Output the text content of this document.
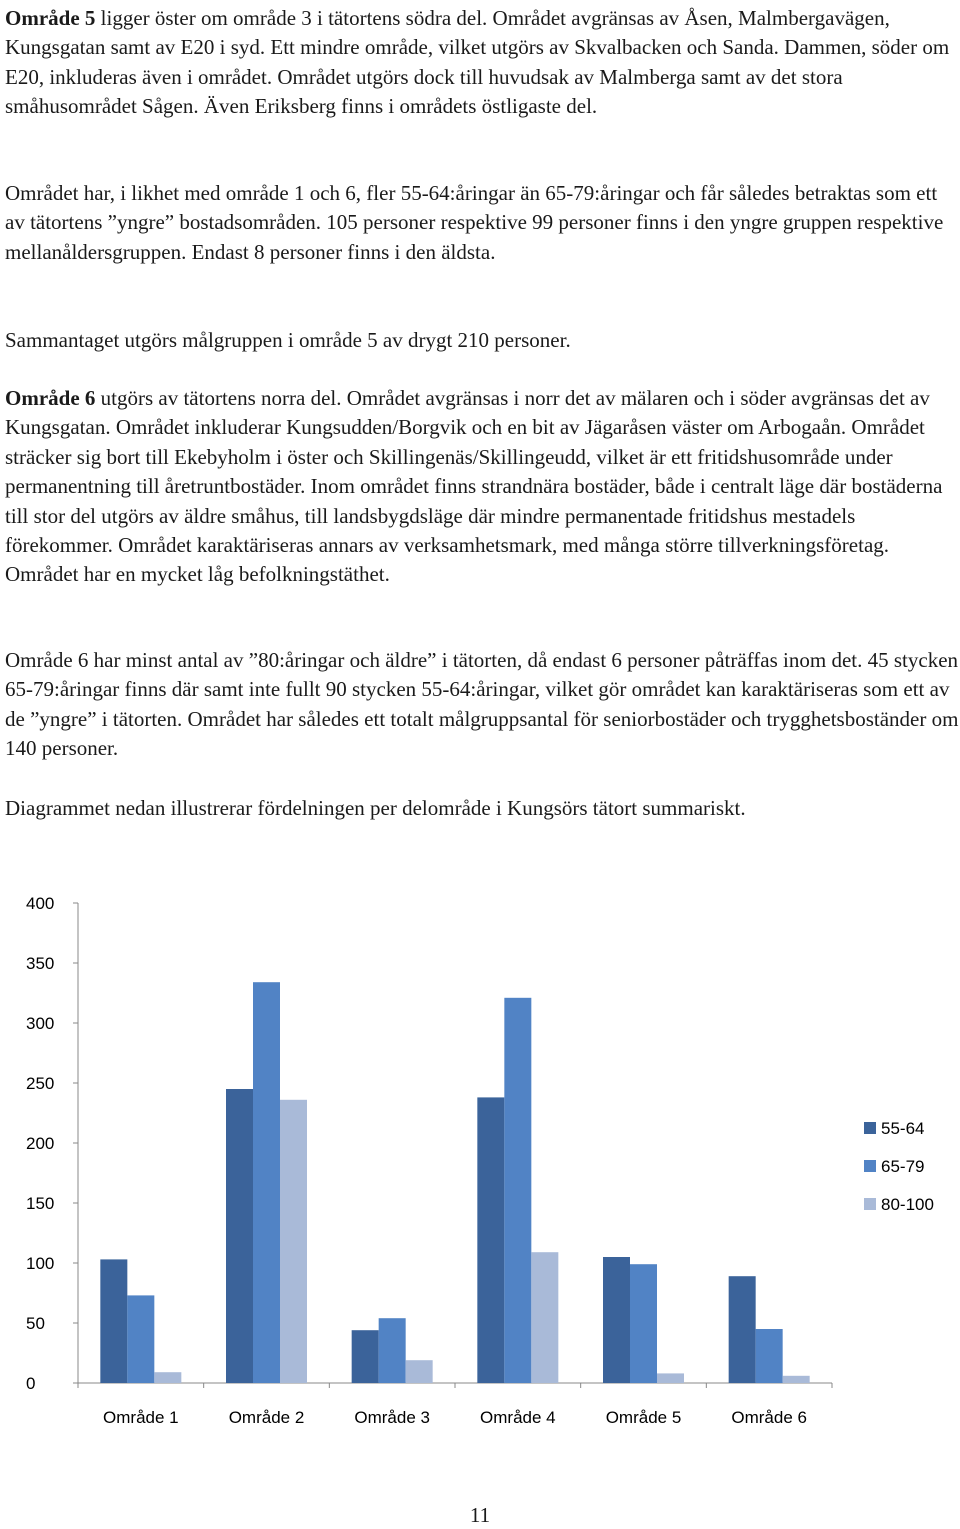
Område 5 ligger öster om område 3 i tätortens södra del. Området avgränsas av Åsen, Malmbergavägen, Kungsgatan samt av E20 i syd. Ett mindre område, vilket utgörs av Skvalbacken och Sanda. Dammen, söder om E20, inkluderas även i området. Området utgörs dock till huvudsak av Malmberga samt av det stora småhusområdet Sågen. Även Eriksberg finns i områdets östligaste del.

Området har, i likhet med område 1 och 6, fler 55-64:åringar än 65-79:åringar och får således betraktas som ett av tätortens ”yngre” bostadsområden. 105 personer respektive 99 personer finns i den yngre gruppen respektive mellanåldersgruppen. Endast 8 personer finns i den äldsta.

Sammantaget utgörs målgruppen i område 5 av drygt 210 personer.

Område 6 utgörs av tätortens norra del. Området avgränsas i norr det av mälaren och i söder avgränsas det av Kungsgatan. Området inkluderar Kungsudden/Borgvik och en bit av Jägaråsen väster om Arbogaån. Området sträcker sig bort till Ekebyholm i öster och Skillingenäs/Skillingeudd, vilket är ett fritidshusområde under permanentning till åretruntbostäder. Inom området finns strandnära bostäder, både i centralt läge där bostäderna till stor del utgörs av äldre småhus, till landsbygdsläge där mindre permanentade fritidshus mestadels förekommer. Området karaktäriseras annars av verksamhetsmark, med många större tillverkningsföretag. Området har en mycket låg befolkningstäthet.

Område 6 har minst antal av ”80:åringar och äldre” i tätorten, då endast 6 personer påträffas inom det. 45 stycken 65-79:åringar finns där samt inte fullt 90 stycken 55-64:åringar, vilket gör området kan karaktäriseras som ett av de ”yngre” i tätorten. Området har således ett totalt målgruppsantal för seniorbostäder och trygghetsboständer om 140 personer.

Diagrammet nedan illustrerar fördelningen per delområde i Kungsörs tätort summariskt.

0
50
100
150
200
250
300
350
400
Område 1	Område 2	Område 3	Område 4	Område 5	Område 6
55-64
65-79
80-100
11
